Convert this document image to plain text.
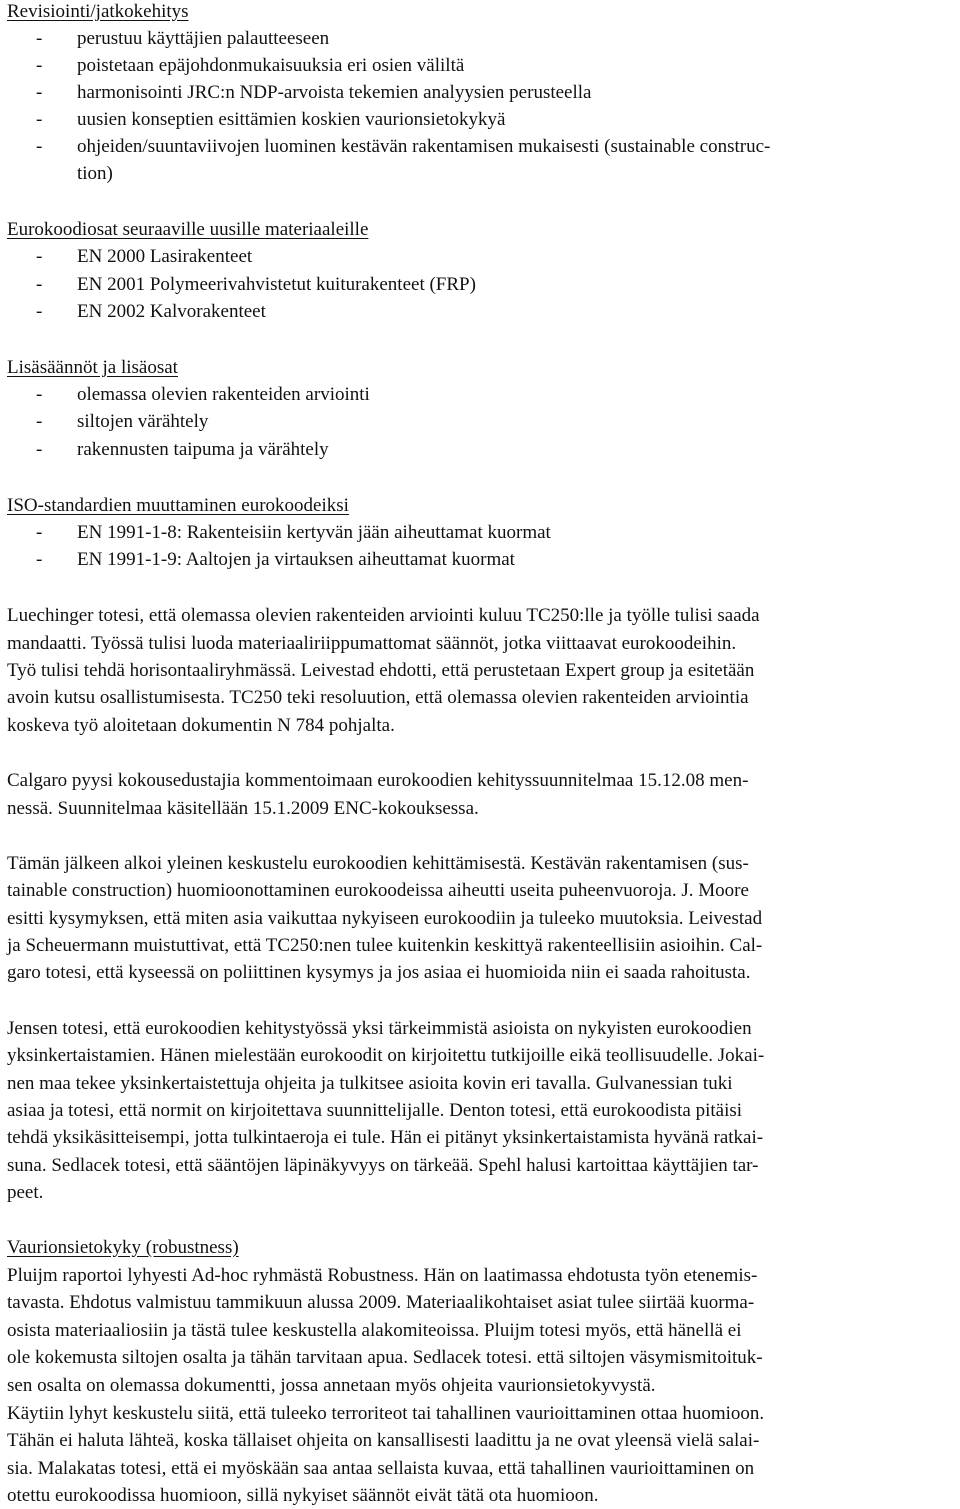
Revisiointi/jatkokehitys
- perustuu käyttäjien palautteeseen
- poistetaan epäjohdonmukaisuuksia eri osien väliltä
- harmonisointi JRC:n NDP-arvoista tekemien analyysien perusteella
- uusien konseptien esittämien koskien vaurionsietokykyä
- ohjeiden/suuntaviivojen luominen kestävän rakentamisen mukaisesti (sustainable construc-
tion)
Eurokoodiosat seuraaville uusille materiaaleille
- EN 2000 Lasirakenteet
- EN 2001 Polymeerivahvistetut kuiturakenteet (FRP)
- EN 2002 Kalvorakenteet
Lisäsäännöt ja lisäosat
- olemassa olevien rakenteiden arviointi
- siltojen värähtely
- rakennusten taipuma ja värähtely
ISO-standardien muuttaminen eurokoodeiksi
- EN 1991-1-8: Rakenteisiin kertyvän jään aiheuttamat kuormat
- EN 1991-1-9: Aaltojen ja virtauksen aiheuttamat kuormat
Luechinger totesi, että olemassa olevien rakenteiden arviointi kuluu TC250:lle ja työlle tulisi saada
mandaatti. Työssä tulisi luoda materiaaliriippumattomat säännöt, jotka viittaavat eurokoodeihin.
Työ tulisi tehdä horisontaaliryhmässä. Leivestad ehdotti, että perustetaan Expert group ja esitetään
avoin kutsu osallistumisesta. TC250 teki resoluution, että olemassa olevien rakenteiden arviointia
koskeva työ aloitetaan dokumentin N 784 pohjalta.
Calgaro pyysi kokousedustajia kommentoimaan eurokoodien kehityssuunnitelmaa 15.12.08 men-
nessä. Suunnitelmaa käsitellään 15.1.2009 ENC-kokouksessa.
Tämän jälkeen alkoi yleinen keskustelu eurokoodien kehittämisestä. Kestävän rakentamisen (sus-
tainable construction) huomioonottaminen eurokoodeissa aiheutti useita puheenvuoroja. J. Moore
esitti kysymyksen, että miten asia vaikuttaa nykyiseen eurokoodiin ja tuleeko muutoksia. Leivestad
ja Scheuermann muistuttivat, että TC250:nen tulee kuitenkin keskittyä rakenteellisiin asioihin. Cal-
garo totesi, että kyseessä on poliittinen kysymys ja jos asiaa ei huomioida niin ei saada rahoitusta.
Jensen totesi, että eurokoodien kehitystyössä yksi tärkeimmistä asioista on nykyisten eurokoodien
yksinkertaistamien. Hänen mielestään eurokoodit on kirjoitettu tutkijoille eikä teollisuudelle. Jokai-
nen maa tekee yksinkertaistettuja ohjeita ja tulkitsee asioita kovin eri tavalla. Gulvanessian tuki
asiaa ja totesi, että normit on kirjoitettava suunnittelijalle. Denton totesi, että eurokoodista pitäisi
tehdä yksikäsitteisempi, jotta tulkintaeroja ei tule. Hän ei pitänyt yksinkertaistamista hyvänä ratkai-
suna. Sedlacek totesi, että sääntöjen läpinäkyvyys on tärkeää. Spehl halusi kartoittaa käyttäjien tar-
peet.
Vaurionsietokyky (robustness)
Pluijm raportoi lyhyesti Ad-hoc ryhmästä Robustness. Hän on laatimassa ehdotusta työn etenemis-
tavasta. Ehdotus valmistuu tammikuun alussa 2009. Materiaalikohtaiset asiat tulee siirtää kuorma-
osista materiaaliosiin ja tästä tulee keskustella alakomiteoissa. Pluijm totesi myös, että hänellä ei
ole kokemusta siltojen osalta ja tähän tarvitaan apua. Sedlacek totesi. että siltojen väsymismitoituk-
sen osalta on olemassa dokumentti, jossa annetaan myös ohjeita vaurionsietokyvystä.
Käytiin lyhyt keskustelu siitä, että tuleeko terroriteot tai tahallinen vaurioittaminen ottaa huomioon.
Tähän ei haluta lähteä, koska tällaiset ohjeita on kansallisesti laadittu ja ne ovat yleensä vielä salai-
sia. Malakatas totesi, että ei myöskään saa antaa sellaista kuvaa, että tahallinen vaurioittaminen on
otettu eurokoodissa huomioon, sillä nykyiset säännöt eivät tätä ota huomioon.
